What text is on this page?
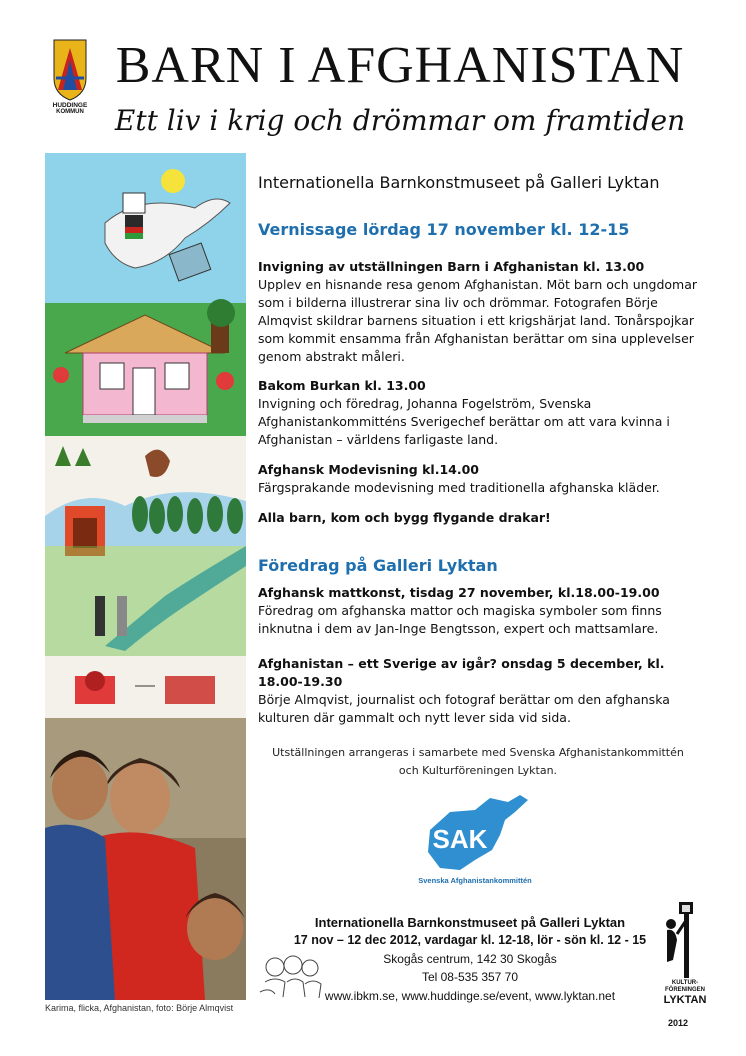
HUDDINGE
KOMMUN
BARN I AFGHANISTAN
Ett liv i krig och drömmar om framtiden
Karima, flicka, Afghanistan, foto: Börje Almqvist
Internationella Barnkonstmuseet på Galleri Lyktan
Vernissage lördag 17 november kl. 12-15
Invigning av utställningen Barn i Afghanistan kl. 13.00
Upplev en hisnande resa genom Afghanistan. Möt barn och ungdomar som i bilderna illustrerar sina liv och drömmar. Fotografen Börje Almqvist skildrar barnens situation i ett krigshärjat land. Tonårspojkar som kommit ensamma från Afghanistan berättar om sina upplevelser genom abstrakt måleri.
Bakom Burkan kl. 13.00
Invigning och föredrag, Johanna Fogelström, Svenska Afghanistankommitténs Sverigechef berättar om att vara kvinna i Afghanistan – världens farligaste land.
Afghansk Modevisning kl.14.00
Färgsprakande modevisning med traditionella afghanska kläder.
Alla barn, kom och bygg flygande drakar!
Föredrag på Galleri Lyktan
Afghansk mattkonst, tisdag 27 november, kl.18.00-19.00
Föredrag om afghanska mattor och magiska symboler som finns inknutna i dem av Jan-Inge Bengtsson, expert och mattsamlare.
Afghanistan – ett Sverige av igår? onsdag 5 december, kl. 18.00-19.30
Börje Almqvist, journalist och fotograf berättar om den afghanska kulturen där gammalt och nytt lever sida vid sida.
Utställningen arrangeras i samarbete med Svenska Afghanistankommittén
och Kulturföreningen Lyktan.
SAK
Svenska Afghanistankommittén
Internationella Barnkonstmuseet på Galleri Lyktan
17 nov – 12 dec 2012, vardagar kl. 12-18, lör - sön kl. 12 - 15
Skogås centrum, 142 30 Skogås
Tel 08-535 357 70
www.ibkm.se, www.huddinge.se/event, www.lyktan.net
KULTUR-
FÖRENINGEN
LYKTAN
2012
